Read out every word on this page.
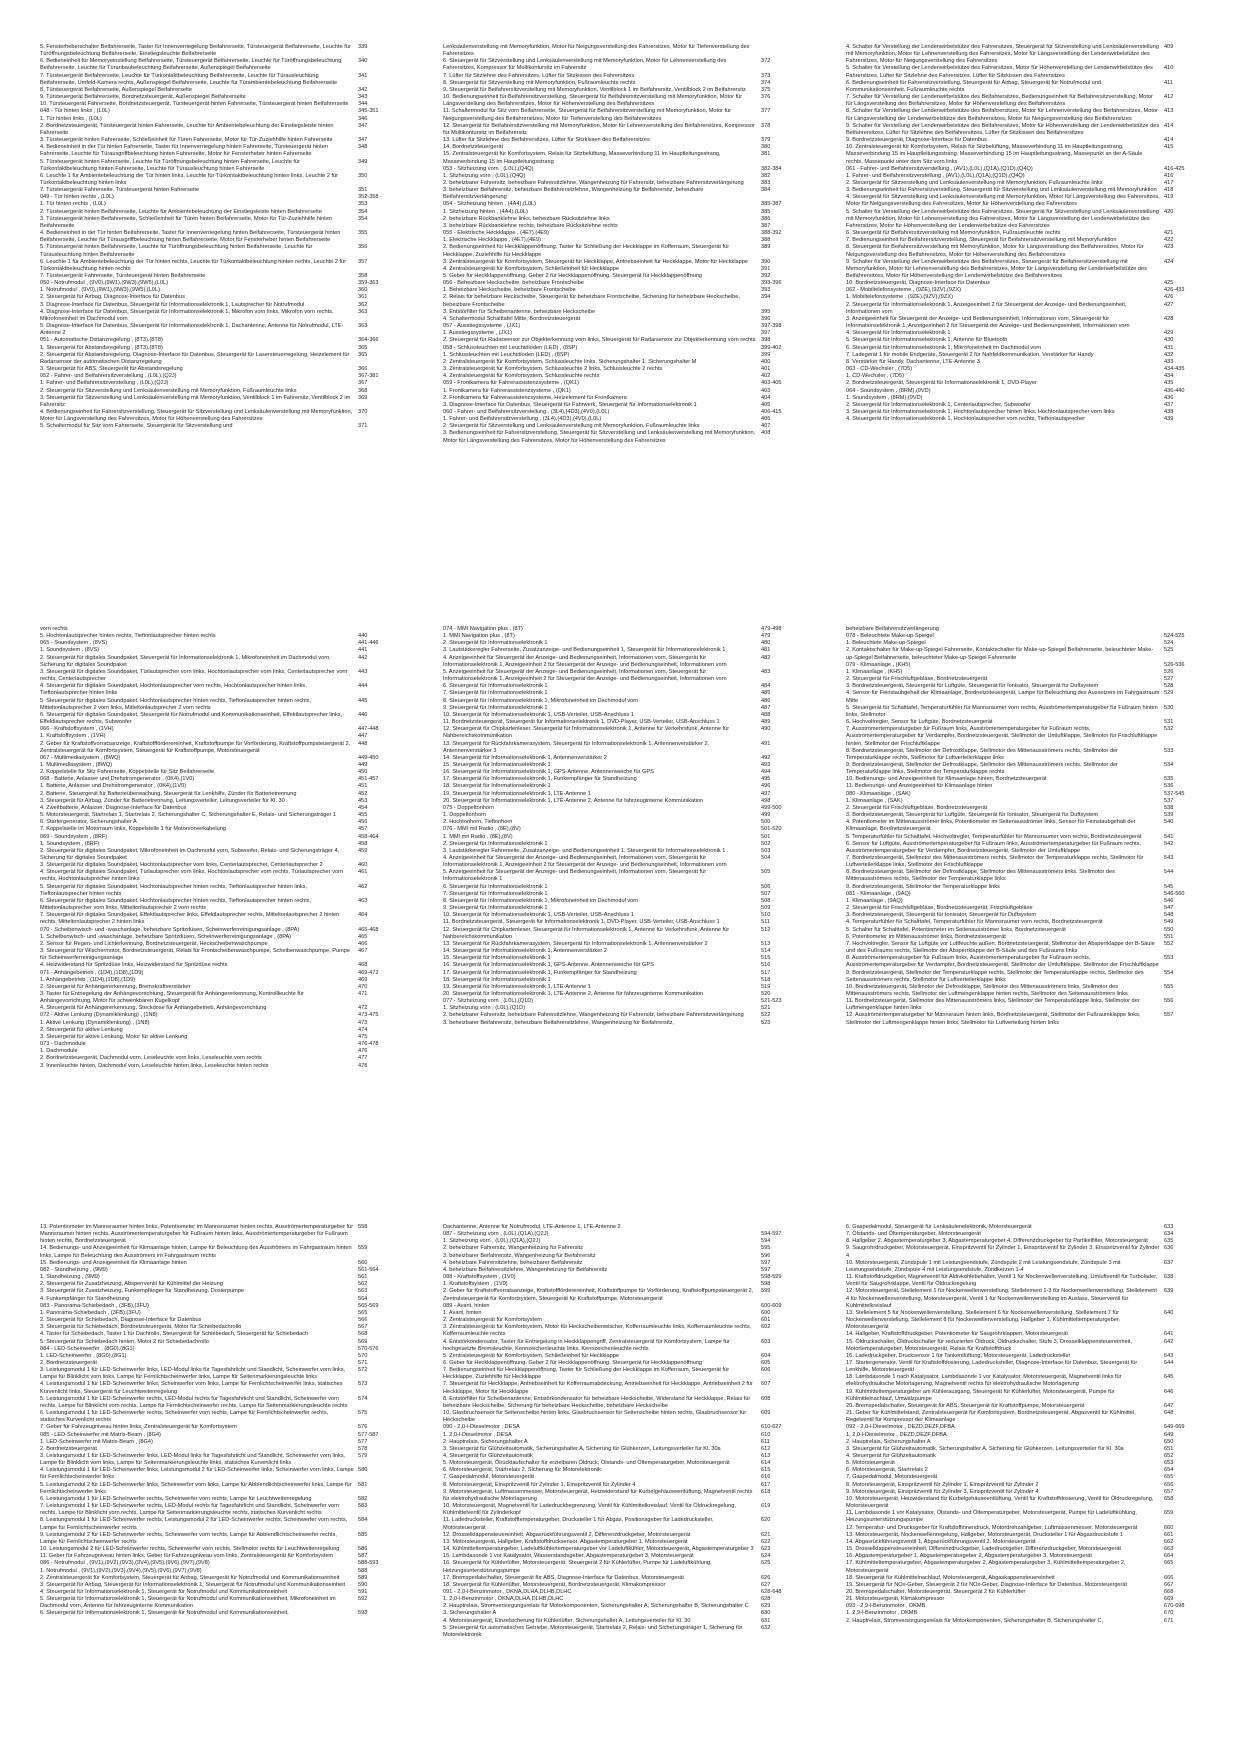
5. Fensterheberschalter Beifahrerseite, Taster für Innenverriegelung Beifahrerseite, Türsteuergerät Beifahrerseite, Leuchte für Türöffnungsbeleuchtung Beifahrerseite, Einstiegsleuchte Beifahrerseite
339
6. Bedieneinheit für Memoryeinstellung Beifahrerseite, Türsteuergerät Beifahrerseite, Leuchte für Türöffnungsbeleuchtung Beifahrerseite, Leuchte für Türanbaubeleuchtung Beifahrerseite, Außenspiegel Beifahrerseite
340
7. Türsteuergerät Beifahrerseite, Leuchte für Türkontaktbeleuchtung Beifahrerseite, Leuchte für Türausleuchtung Beifahrerseite, Umfeld-Kamera rechts, Außenspiegel Beifahrerseite, Leuchte für Türambientebeleuchtung Beifahrerseite
341
8. Türsteuergerät Beifahrerseite, Außenspiegel Beifahrerseite	342
9. Türsteuergerät Beifahrerseite, Bordnetzsteuergerät, Außenspiegel Beifahrerseite	343
10. Türsteuergerät Fahrerseite, Bordnetzsteuergerät, Türsteuergerät hinten Fahrerseite, Türsteuergerät hinten Beifahrerseite	344
048 - Tür hinten links , (L0L)	345-351
1. Tür hinten links , (L0L)	346
2. Bordnetzsteuergerät, Türsteuergerät hinten Fahrerseite, Leuchte für Ambientebeleuchtung der Einstiegsleiste hinten Fahrerseite
347
3. Türsteuergerät hinten Fahrerseite, Schließeinheit für Türen Fahrerseite, Motor für Tür-Zuziehhilfe hinten Fahrerseite	347
4. Bedieneinheit in der Tür hinten Fahrerseite, Taster für Innenverriegelung hinten Fahrerseite, Türsteuergerät hinten Fahrerseite, Leuchte für Türausgriffbeleuchtung hinten Fahrerseite, Motor für Fensterheber hinten Fahrerseite
348
5. Türsteuergerät hinten Fahrerseite, Leuchte für Türöffnungsbeleuchtung hinten Fahrerseite, Leuchte für Türkontaktbeleuchtung hinten Fahrerseite, Leuchte für Türausleuchtung hinten Fahrerseite
349
6. Leuchte 1 für Ambientebeleuchtung der Tür hinten links, Leuchte für Türkontaktbeleuchtung hinten links, Leuchte 2 für Türkontaktbeleuchtung hinten links
350
7. Türsteuergerät Fahrerseite, Türsteuergerät hinten Fahrerseite	351
049 - Tür hinten rechts , (L0L)	352-358
1. Tür hinten rechts , (L0L)	353
2. Türsteuergerät hinten Beifahrerseite, Leuchte für Ambientebeleuchtung der Einstiegsleiste hinten Beifahrerseite	354
3. Türsteuergerät hinten Beifahrerseite, Schließeinheit für Türen hinten Beifahrerseite, Motor für Tür-Zuziehhilfe hinten Beifahrerseite
354
4. Bedieneinheit in der Tür hinten Beifahrerseite, Taster für Innenverriegelung hinten Beifahrerseite, Türsteuergerät hinten Beifahrerseite, Leuchte für Türausgriffbeleuchtung hinten Beifahrerseite, Motor für Fensterheber hinten Beifahrerseite
355
5. Türsteuergerät hinten Beifahrerseite, Leuchte für Türöffnungsbeleuchtung hinten Beifahrerseite, Leuchte für Türausleuchtung hinten Beifahrerseite
356
6. Leuchte 1 für Ambientebeleuchtung der Tür hinten rechts, Leuchte für Türkontaktbeleuchtung hinten rechts, Leuchte 2 für Türkontaktbeleuchtung hinten rechts
357
7. Türsteuergerät Fahrerseite, Türsteuergerät hinten Beifahrerseite	358
050 - Notrufmodul , (9V0),(9W1),(9W3),(9W5),(L0L)	359-363
1. Notrufmodul , (9V0),(9W1),(9W3),(9W5),(L0L)	360
2. Steuergerät für Airbag, Diagnose-Interface für Datenbus	361
3. Diagnose-Interface für Datenbus, Steuergerät für Informationselektronik 1, Lautsprecher für Notrufmodul	362
4. Diagnose-Interface für Datenbus, Steuergerät für Informationselektronik 1, Mikrofon vorn links, Mikrofon vorn rechts, Mikrofoneinheit im Dachmodul vorn
363
5. Diagnose-Interface für Datenbus, Steuergerät für Informationselektronik 1, Dachantenne, Antenne für Notrufmodul, LTE-Antenne 2
363
051 - Automatische Distanzregelung , (8T3),(8T8)	364-366
1. Steuergerät für Abstandsregelung , (8T3),(8T8)	365
2. Steuergerät für Abstandsregelung, Diagnose-Interface für Datenbus, Steuergerät für Lasersteuerregelung, Heizelement für Radarsensor der automatischen Distanzregelung
365
3. Steuergerät für ABS, Steuergerät für Abstandsregelung	366
052 - Fahrer- und Beifahrersitzverstellung , (L0L),(Q2J)	367-381
1. Fahrer- und Beifahrersitzverstellung , (L0L),(Q2J)	367
2. Steuergerät für Sitzverstellung und Lenksäulenverstellung mit Memoryfunktion, Fußraumleuchte links	368
3. Steuergerät für Sitzverstellung und Lenksäulenverstellung mit Memoryfunktion, Ventilblock 1 im Fahrersitz, Ventilblock 2 im Fahrersitz
369
4. Bedienungseinheit für Fahrersitzverstellung, Steuergerät für Sitzverstellung und Lenksäulenverstellung mit Memoryfunktion, Motor für Längsverstellung des Fahrersitzes, Motor für Höhenverstellung des Fahrersitzes
370
5. Schaltermodul für Sitz vorn Fahrerseite, Steuergerät für Sitzverstellung und	371
Lenksäulenverstellung mit Memoryfunktion, Motor für Neigungsverstellung des Fahrersitzes, Motor für Tiefenverstellung des Fahrersitzes
6. Steuergerät für Sitzverstellung und Lenksäulenverstellung mit Memoryfunktion, Motor für Lehnenverstellung des Fahrersitzes, Kompressor für Multikontursitz im Fahrersitz
372
7. Lüfter für Sitzlehne des Fahrersitzes, Lüfter für Sitzkissen des Fahrersitzes	373
8. Steuergerät für Sitzverstellung mit Memoryfunktion, Fußraumleuchte rechts	374
9. Steuergerät für Beifahrersitzverstellung mit Memoryfunktion, Ventilblock 1 im Beifahrersitz, Ventilblock 2 im Beifahrersitz	375
10. Bedienungseinheit für Beifahrersitzverstellung, Steuergerät für Beifahrersitzverstellung mit Memoryfunktion, Motor für Längsverstellung des Beifahrersitzes, Motor für Höhenverstellung des Beifahrersitzes
376
11. Schaltermodul für Sitz vorn Beifahrerseite, Steuergerät für Beifahrersitzverstellung mit Memoryfunktion, Motor für Neigungsverstellung des Beifahrersitzes, Motor für Tiefenverstellung des Beifahrersitzes
377
12. Steuergerät für Beifahrersitzverstellung mit Memoryfunktion, Motor für Lehnenverstellung des Beifahrersitzes, Kompressor für Multikontursitz im Beifahrersitz
378
13. Lüfter für Sitzlehne des Beifahrersitzes, Lüfter für Sitzkissen des Beifahrersitzes	379
14. Bordnetzsteuergerät	380
15. Zentralsteuergerät für Komfortsystem, Relais für Sitzbelüftung, Masseverbindung 11 im Hauptleitungsstrang, Masseverbindung 15 im Hauptleitungsstrang
381
053 - Sitzheizung vorn , (L0L),(Q4Q)	382-384
1. Sitzheizung vorn , (L0L),(Q4Q)	382
2. beheizbarer Fahrersitz, beheizbare Fahrersitzlehne, Wangenheizung für Fahrersitz, beheizbare Fahrersitzverlängerung	383
3. beheizbarer Beifahrersitz, beheizbare Beifahrersitzlehne, Wangenheizung für Beifahrersitz, beheizbare Beifahrersitzverlängerung
384
054 - Sitzheizung hinten , (4A4),(L0L)	385-387
1. Sitzheizung hinten , (4A4),(L0L)	385
2. beheizbare Rückbanklehne links, beheizbare Rücksitzlehne links	386
3. beheizbare Rückbanklehne rechts, beheizbare Rücksitzlehne rechts	387
055 - Elektrische Heckklappe , (4E7),(4E9)	388-392
1. Elektrische Heckklappe , (4E7),(4E9)	388
2. Bedienungseinheit für Heckklappenöffnung, Taster für Schließung der Heckklappe im Kofferraum, Steuergerät für Heckklappe, Zuziehhilfe für Heckklappe
389
3. Zentralsteuergerät für Komfortsystem, Steuergerät für Heckklappe, Antriebseinheit für Heckklappe, Motor für Heckklappe	390
4. Zentralsteuergerät für Komfortsystem, Schließeinheit für Heckklappe	391
5. Geber für Heckklappenöffnung, Geber 2 für Heckklappenöffnung, Steuergerät für Heckklappenöffnung	392
056 - Beheizbare Heckscheibe, beheizbare Frontscheibe	393-396
1. Beheizbare Heckscheibe, beheizbare Frontscheibe	393
2. Relais für beheizbare Heckscheibe, Steuergerät für beheizbare Frontscheibe, Sicherung für beheizbare Heckscheibe, beheizbare Frontscheibe
394
3. Entstörfilter für Scheibenantenne, beheizbare Heckscheibe	395
4. Schaltermodul Schalttafel Mitte, Bordnetzsteuergerät	396
057 - Ausstiegssysteme , (JX1)	397-398
1. Ausstiegssysteme , (JX1)	397
2. Steuergerät für Radarsensor zur Objekterkennung vorn links, Steuergerät für Radarsensor zur Objekterkennung vorn rechts 398
058 - Schlussleuchten mit Leuchtdioden (LED) , (8SP)	399-402
1. Schlussleuchten mit Leuchtdioden (LED) , (8SP)	399
2. Zentralsteuergerät für Komfortsystem, Schlussleuchte links, Sicherungshalter 1, Sicherungshalter M	400
3. Zentralsteuergerät für Komfortsystem, Schlussleuchte 2 links, Schlussleuchte 2 rechts	401
4. Zentralsteuergerät für Komfortsystem, Schlussleuchte rechts	402
059 - Frontkamera für Fahrerassistenzsysteme , (QK1)	403-405
1. Frontkamera für Fahrerassistenzsysteme , (QK1)	403
2. Frontkamera für Fahrerassistenzsysteme, Heizelement für Frontkamera	404
3. Diagnose-Interface für Datenbus, Steuergerät für Fahrwerk, Steuergerät für Informationselektronik 1	405
060 - Fahrer- und Beifahrersitzverstellung , (3L4),(4D3),(4V0),(L0L)	406-415
1. Fahrer- und Beifahrersitzverstellung , (3L4),(4D3),(4V0),(L0L)	406
2. Steuergerät für Sitzverstellung und Lenksäulenverstellung mit Memoryfunktion, Fußraumleuchte links	407
3. Bedienungseinheit für Fahrersitzverstellung, Steuergerät für Sitzverstellung und Lenksäulenverstellung mit Memoryfunktion, Motor für Längsverstellung des Fahrersitzes, Motor für Höhenverstellung des Fahrersitzes
408
4. Schalter für Verstellung der Lendenwirbelstütze des Fahrersitzes, Steuergerät für Sitzverstellung und Lenksäulenverstellung mit Memoryfunktion, Motor für Lehnenverstellung des Fahrersitzes, Motor für Längsverstellung der Lendenwirbelstütze des Fahrersitzes, Motor für Neigungsverstellung des Fahrersitzes
409
5. Schalter für Verstellung der Lendenwirbelstütze des Fahrersitzes, Motor für Höhenverstellung der Lendenwirbelstütze des Fahrersitzes, Lüfter für Sitzlehne des Fahrersitzes, Lüfter für Sitzkissen des Fahrersitzes
410
6. Bedienungseinheit für Fahrersitzverstellung, Steuergerät für Airbag, Steuergerät für Notrufmodul und Kommunikationseinheit, Fußraumleuchte rechts
411
7. Schalter für Verstellung der Lendenwirbelstütze des Beifahrersitzes, Bedienungseinheit für Beifahrersitzverstellung, Motor für Längsverstellung des Beifahrersitzes, Motor für Höhenverstellung des Beifahrersitzes
412
8. Schalter für Verstellung der Lendenwirbelstütze des Beifahrersitzes, Motor für Lehnenverstellung des Beifahrersitzes, Motor für Längsverstellung der Lendenwirbelstütze des Beifahrersitzes, Motor für Neigungsverstellung des Beifahrersitzes
413
9. Schalter für Verstellung der Lendenwirbelstütze des Beifahrersitzes, Motor für Höhenverstellung der Lendenwirbelstütze des Beifahrersitzes, Lüfter für Sitzlehne des Beifahrersitzes, Lüfter für Sitzkissen des Beifahrersitzes
414
9. Bordnetzsteuergerät, Diagnose-Interface für Datenbus	414
10. Zentralsteuergerät für Komfortsystem, Relais für Sitzbelüftung, Masseverbindung 11 im Hauptleitungsstrang, Masseverbindung 15 im Hauptleitungsstrang, Masseverbindung 15 im Hauptleitungsstrang, Massepunkt an der A-Säule rechts, Massepunkt unter dem Sitz vorn links
415
061 - Fahrer- und Beifahrersitzverstellung , (AV1),(L0L),(Q1A),(Q1D),(Q4Q)	416-425
1. Fahrer- und Beifahrersitzverstellung , (AV1),(L0L),(Q1A),(Q1D),(Q4Q)	416
2. Steuergerät für Sitzverstellung und Lenksäulenverstellung mit Memoryfunktion, Fußraumleuchte links	417
3. Bedienungseinheit für Fahrersitzverstellung, Steuergerät für Sitzverstellung und Lenksäulenverstellung mit Memoryfunktion	418
4. Steuergerät für Sitzverstellung und Lenksäulenverstellung mit Memoryfunktion, Motor für Längsverstellung des Fahrersitzes, Motor für Neigungsverstellung des Fahrersitzes, Motor für Höhenverstellung des Fahrersitzes
419
5. Schalter für Verstellung der Lendenwirbelstütze des Fahrersitzes, Steuergerät für Sitzverstellung und Lenksäulenverstellung mit Memoryfunktion, Motor für Lehnenverstellung des Fahrersitzes, Motor für Längsverstellung der Lendenwirbelstütze des Fahrersitzes, Motor für Höhenverstellung der Lendenwirbelstütze des Fahrersitzes
420
6. Steuergerät für Beifahrersitzverstellung mit Memoryfunktion, Fußraumleuchte rechts	421
7. Bedienungseinheit für Beifahrersitzverstellung, Steuergerät für Beifahrersitzverstellung mit Memoryfunktion	422
8. Steuergerät für Beifahrersitzverstellung mit Memoryfunktion, Motor für Längsverstellung des Beifahrersitzes, Motor für Neigungsverstellung des Beifahrersitzes, Motor für Höhenverstellung des Beifahrersitzes
423
9. Schalter für Verstellung der Lendenwirbelstütze des Beifahrersitzes, Steuergerät für Beifahrersitzverstellung mit Memoryfunktion, Motor für Lehnenverstellung des Beifahrersitzes, Motor für Längsverstellung der Lendenwirbelstütze des Beifahrersitzes, Motor für Höhenverstellung der Lendenwirbelstütze des Beifahrersitzes
424
10. Bordnetzsteuergerät, Diagnose-Interface für Datenbus	425
062 - Mobiltelefonsysteme , (9ZE),(9ZV),(9ZX)	426-433
1. Mobiltelefonsysteme , (9ZE),(9ZV),(9ZX)	426
2. Steuergerät für Informationselektronik 1, Anzeigeeinheit 2 für Steuergerät der Anzeige- und Bedienungseinheit, Informationen vorn
427
3. Anzeigeeinheit für Steuergerät der Anzeige- und Bedienungseinheit, Informationen vorn, Steuergerät für Informationselektronik 1, Anzeigeeinheit 2 für Steuergerät der Anzeige- und Bedienungseinheit, Informationen vorn
428
4. Steuergerät für Informationselektronik 1	429
5. Steuergerät für Informationselektronik 1, Antenne für Bluetooth	430
6. Steuergerät für Informationselektronik 1, Mikrofoneinheit im Dachmodul vorn	431
7. Ladegerät 1 für mobile Endgeräte, Steuergerät 2 für Nahfeldkommunikation, Verstärker für Handy	432
8. Verstärker für Handy, Dachantenne, LTE-Antenne 3	433
063 - CD-Wechsler , (7D5)	434-435
1. CD-Wechsler , (7D5)	434
2. Bordnetzsteuergerät, Steuergerät für Informationselektronik 1, DVD-Player	435
064 - Soundsystem , (8RM),(9VD)	436-440
1. Soundsystem , (8RM),(9VD)	436
2. Steuergerät für Informationselektronik 1, Centerlautsprecher, Subwoofer	437
3. Steuergerät für Informationselektronik 1, Hochtonlautsprecher hinten links, Hochtonlautsprecher vorn links	438
4. Steuergerät für Informationselektronik 1, Hochtonlautsprecher vorn rechts, Tieftonlautsprecher	439
vorn rechts
5. Hochtonlautsprecher hinten rechts, Tieftonlautsprecher hinten rechts	440
065 - Soundsystem , (8VS)	441-446
1. Soundsystem , (8VS)	441
2. Steuergerät für digitales Soundpaket, Steuergerät für Informationselektronik 1, Mikrofoneinheit im Dachmodul vorn, Sicherung für digitales Soundpaket
442
3. Steuergerät für digitales Soundpaket, Türlautsprecher vorn links, Hochtonlautsprecher vorn links, Centerlautsprecher vorn rechts, Centerlautsprecher
443
4. Steuergerät für digitales Soundpaket, Hochtonlautsprecher vorn rechts, Hochtonlautsprecher hinten links, Tieftonlautsprecher hinten links
444
5. Steuergerät für digitales Soundpaket, Hochtonlautsprecher hinten rechts, Tieftonlautsprecher hinten rechts, Mitteltonlautsprecher 2 vorn links, Mitteltonlautsprecher 2 vorn rechts
445
6. Steuergerät für digitales Soundpaket, Steuergerät für Notrufmodul und Kommunikationseinheit, Effektlautsprecher links, Effektlautsprecher rechts, Subwoofer
446
066 - Kraftstoffsystem , (1VH)	447-448
1. Kraftstoffsystem , (1VH)	447
2. Geber für Kraftstoffvorratsanzeige, Kraftstoffförderereinheit, Kraftstoffpumpe für Vorförderung, Kraftstoffpumpsteuergerät 2, Zentralsteuergerät für Komfortsystem, Steuergerät für Kraftstoffpumpe, Motorsteuergerät
448
067 - Multimediasystem , (8WQ)	449-450
1. Multimediasystem , (8WQ)	449
2. Koppelstelle für Sitz Fahrerseite, Koppelstelle für Sitz Beifahrerseite	450
068 - Batterie, Anlasser und Drehstromgenerator , (0K4),(1V0)	451-457
1. Batterie, Anlasser und Drehstromgenerator , (0K4),(1V0)	451
2. Batterie, Steuergerät für Batterieüberwachung, Steuergerät für Lenkhilfe, Zünder für Batterietrennung	452
3. Steuergerät für Airbag, Zünder für Batterietrennung, Leitungsverteiler, Leitungsverteiler für Kl. 30	453
4. Zweitbatterie, Anlasser, Diagnose-Interface für Datenbus	454
5. Motorsteuergerät, Startrelais 1, Startrelais 2, Sicherungshalter C, Sicherungshalter E, Relais- und Sicherungsträger 1	455
6. Startergenerator, Sicherungshalter A	456
7. Koppelstelle im Motorraum links, Koppelstelle 1 für Motorvorverkabelung	457
069 - Soundsystem , (8RF)	458-464
1. Soundsystem , (8RF)	458
2. Steuergerät für digitales Soundpaket, Mikrofoneinheit im Dachmodul vorn, Subwoofer, Relais- und Sicherungsträger 4, Sicherung für digitales Soundpaket
459
3. Steuergerät für digitales Soundpaket, Hochtonlautsprecher vorn links, Centerlautsprecher, Centerlautsprecher 2	460
4. Steuergerät für digitales Soundpaket, Türlautsprecher vorn links, Hochtonlautsprecher vorn rechts, Türlautsprecher vorn rechts, Hochtonlautsprecher hinten links
461
5. Steuergerät für digitales Soundpaket, Hochtonlautsprecher hinten rechts, Tieftonlautsprecher hinten links, Tieftonlautsprecher hinten rechts
462
6. Steuergerät für digitales Soundpaket, Hochtonlautsprecher hinten rechts, Tieftonlautsprecher hinten rechts, Mitteltonlautsprecher vorn links, Mitteltonlautsprecher 2 vorn rechts
463
7. Steuergerät für digitales Soundpaket, Effektlautsprecher links, Effektlautsprecher rechts, Mitteltonlautsprecher 2 hinten rechts, Mitteltonlautsprecher 2 hinten links
464
070 - Scheibenwisch- und -waschanlage, beheizbare Spritzdüsen, Scheinwerferreinigungsanlage , (8PA)	465-468
1. Scheibenwisch- und -waschanlage, beheizbare Spritzdüsen, Scheinwerferreinigungsanlage , (8PA)	465
2. Sensor für Regen- und Lichterkennung, Bordnetzsteuergerät, Heckscheibenwaschpumpe	466
3. Steuergerät für Wischermotor, Bordnetzsteuergerät, Relais für Frontscheibenwaschpumpe, Scheibenwaschpumpe, Pumpe für Scheinwerferreinigungsanlage
467
4. Heizwiderstand für Spritzdüse links, Heizwiderstand für Spritzdüse rechts	468
071 - Anhängebetrieb , (1D4),(1D8),(1D9)	469-472
1. Anhängebetrieb , (1D4),(1D8),(1D9)	469
2. Steuergerät für Anhängererkennung, Bremskraftverstärker	470
3. Taster für Entriegelung der Anhängevorrichtung, Steuergerät für Anhängererkennung, Kontrollleuchte für Anhängevorrichtung, Motor für schwenkbaren Kugelkopf
471
4. Steuergerät für Anhängererkennung, Steckdose für Anhängebetrieb, Anhängevorrichtung	472
072 - Aktive Lenkung (Dynamiklenkung) , (1N8)	473-475
1. Aktive Lenkung (Dynamiklenkung) , (1N8)	473
2. Steuergerät für aktive Lenkung	474
3. Steuergerät für aktive Lenkung, Motor für aktive Lenkung	475
073 - Dachmodule	476-478
1. Dachmodule	476
2. Bordnetzsteuergerät, Dachmodul vorn, Leseleuchte vorn links, Leseleuchte vorn rechts	477
3. Innenleuchte hinten, Dachmodul vorn, Leseleuchte hinten links, Leseleuchte hinten rechts	478
074 - MMI Navigation plus , (8T)	479-498
1. MMI Navigation plus , (8T)	479
2. Steuergerät für Informationselektronik 1	480
3. Lautstärkeregler Fahrerseite, Zusatzanzeige- und Bedienungseinheit 1, Steuergerät für Informationselektronik 1	481
4. Anzeigeeinheit für Steuergerät der Anzeige- und Bedienungseinheit, Informationen vorn, Steuergerät für Informationselektronik 1, Anzeigeeinheit 2 für Steuergerät der Anzeige- und Bedienungseinheit, Informationen vorn
482
5. Anzeigeeinheit für Steuergerät der Anzeige- und Bedienungseinheit, Informationen vorn, Steuergerät für Informationselektronik 1, Anzeigeeinheit 2 für Steuergerät der Anzeige- und Bedienungseinheit, Informationen vorn
483
6. Steuergerät für Informationselektronik 1	484
7. Steuergerät für Informationselektronik 1	485
8. Steuergerät für Informationselektronik 1, Mikrofoneinheit im Dachmodul vorn	486
9. Steuergerät für Informationselektronik 1	487
10. Steuergerät für Informationselektronik 1, USB-Verteiler, USB-Anschluss 1	488
11. Bordnetzsteuergerät, Steuergerät für Informationselektronik 1, DVD-Player, USB-Verteiler, USB-Anschluss 1	489
12. Steuergerät für Chipkartenleser, Steuergerät für Informationselektronik 1, Antenne für Verkehrsfunk, Antenne für Nahbereichskommunikation
490
13. Steuergerät für Rückfahrkamerasystem, Steuergerät für Informationselektronik 1, Antennenverstärker 2, Antennenverstärker 3
491
14. Steuergerät für Informationselektronik 1, Antennenverstärker 2	492
15. Steuergerät für Informationselektronik 1	493
16. Steuergerät für Informationselektronik 1, GPS-Antenne, Antennenweiche für GPS	494
17. Steuergerät für Informationselektronik 1, Funkempfänger für Standheizung	495
18. Steuergerät für Informationselektronik 1	496
19. Steuergerät für Informationselektronik 1, LTE-Antenne 1	497
20. Steuergerät für Informationselektronik 1, LTE-Antenne 2, Antenne für fahrzeuginterne Kommunikation	498
075 - Doppeltonhorn	499-500
1. Doppeltonhorn	499
2. Hochtonhorn, Tieftonhorn	500
076 - MMI mit Radio , (8E),(8V)	501-520
1. MMI mit Radio , (8E),(8V)	501
2. Steuergerät für Informationselektronik 1	502
3. Lautstärkeregler Fahrerseite, Zusatzanzeige- und Bedienungseinheit 1, Steuergerät für Informationselektronik 1	503
4. Anzeigeeinheit für Steuergerät der Anzeige- und Bedienungseinheit, Informationen vorn, Steuergerät für Informationselektronik 1, Anzeigeeinheit 2 für Steuergerät der Anzeige- und Bedienungseinheit, Informationen vorn
504
5. Anzeigeeinheit für Steuergerät der Anzeige- und Bedienungseinheit, Informationen vorn, Steuergerät für Informationselektronik 1
505
6. Steuergerät für Informationselektronik 1	506
7. Steuergerät für Informationselektronik 1	507
8. Steuergerät für Informationselektronik 1, Mikrofoneinheit im Dachmodul vorn	508
9. Steuergerät für Informationselektronik 1	509
10. Steuergerät für Informationselektronik 1, USB-Verteiler, USB-Anschluss 1	510
11. Bordnetzsteuergerät, Steuergerät für Informationselektronik 1, DVD-Player, USB-Verteiler, USB-Anschluss 1	511
12. Steuergerät für Chipkartenleser, Steuergerät für Informationselektronik 1, Antenne für Verkehrsfunk, Antenne für Nahbereichskommunikation
512
13. Steuergerät für Rückfahrkamerasystem, Steuergerät für Informationselektronik 1, Antennenverstärker 2	513
14. Steuergerät für Informationselektronik 1, Antennenverstärker 2	514
15. Steuergerät für Informationselektronik 1	515
16. Steuergerät für Informationselektronik 1, GPS-Antenne, Antennenweiche für GPS	516
17. Steuergerät für Informationselektronik 1, Funkempfänger für Standheizung	517
18. Steuergerät für Informationselektronik 1	518
19. Steuergerät für Informationselektronik 1, LTE-Antenne 1	519
20. Steuergerät für Informationselektronik 1, LTE-Antenne 2, Antenne für fahrzeuginterne Kommunikation	520
077 - Sitzheizung vorn , (L0L),(Q1D)	521-523
1. Sitzheizung vorn , (L0L),(Q1D)	521
2. beheizbarer Fahrersitz, beheizbare Fahrersitzlehne, Wangenheizung für Fahrersitz, beheizbare Fahrersitzverlängerung	522
3. beheizbarer Beifahrersitz, beheizbare Beifahrersitzlehne, Wangenheizung für Beifahrersitz,	523
beheizbare Beifahrersitzverlängerung
078 - Beleuchtete Make-up-Spiegel	524-525
1. Beleuchtete Make-up-Spiegel	524
2. Kontaktschalter für Make-up-Spiegel Fahrerseite, Kontaktschalter für Make-up-Spiegel Beifahrerseite, beleuchteter Make-up-Spiegel Beifahrerseite, beleuchteter Make-up-Spiegel Fahrerseite
525
079 - Klimaanlage , (KH5)	526-536
1. Klimaanlage , (KH5)	526
2. Steuergerät für Frischluftgebläse, Bordnetzsteuergerät	527
3. Bordnetzsteuergerät, Steuergerät für Luftgüte, Steuergerät für Ionisator, Steuergerät für Duftsystem	528
4. Sensor für Feinstaubgehalt der Klimaanlage, Bordnetzsteuergerät, Lampe für Beleuchtung des Aussetzers im Fahrgastraum Mitte
529
5. Steuergerät für Schalttafel, Temperaturfühler für Mannsraumer vorn rechts, Ausströmertemperaturgeber für Fußraum hinten links, Stellmotor
530
6. Hochvoltregler, Sensor für Luftgüte, Bordnetzsteuergerät	531
7. Ausströmertemperaturgeber für Fußraum links, Ausströmertemperaturgeber für Fußraum rechts, Ausströmertemperaturgeber für Verdampfer, Bordnetzsteuergerät, Stellmotor der Umluftklappe, Stellmotor für Frischluftklappe hinten, Stellmotor der Frischluftklappe
532
8. Bordnetzsteuergerät, Stellmotor der Defrostklappe, Stellmotor des Mittenausströmers rechts, Stellmotor der Temperaturklappe rechts, Stellmotor für Luftverteilerklappe links
533
9. Bordnetzsteuergerät, Stellmotor der Defrostklappe, Stellmotor des Mittenausströmers rechts, Stellmotor der Temperaturklappe links, Stellmotor der Temperaturklappe rechts
534
10. Bedienungs- und Anzeigeeinheit für Klimaanlage hinten, Bordnetzsteuergerät	535
11. Bedienungs- und Anzeigeeinheit für Klimaanlage hinten	536
080 - Klimaanlage , (SAK)	537-545
1. Klimaanlage , (SAK)	537
2. Steuergerät für Frischluftgebläse, Bordnetzsteuergerät	538
3. Bordnetzsteuergerät, Steuergerät für Luftgüte, Steuergerät für Ionisator, Steuergerät für Duftsystem	539
4. Potentiometer im Mittenausströmer links, Potentiometer im Seitenausströmer links, Sensor für Feinstaubgehalt der Klimaanlage, Bordnetzsteuergerät
540
5. Temperaturfühler für Schalttafel, Hochvoltregler, Temperaturfühler für Mannsraumer vorn rechts, Bordnetzsteuergerät	541
6. Sensor für Luftgüte, Ausströmertemperaturgeber für Fußraum links, Ausströmertemperaturgeber für Fußraum rechts, Ausströmertemperaturgeber für Verdampfer, Bordnetzsteuergerät, Stellmotor der Umluftklappe
542
7. Bordnetzsteuergerät, Stellmotor des Mittenausströmers rechts, Stellmotor der Temperaturklappe rechts, Stellmotor für Luftverteilerklappe links, Stellmotor der Frischluftklappe
543
8. Bordnetzsteuergerät, Stellmotor der Defrostklappe, Stellmotor des Mittenausströmers links, Stellmotor des Mittenausströmers rechts, Stellmotor der Temperaturklappe links
544
9. Bordnetzsteuergerät, Stellmotor der Temperaturklappe links	545
081 - Klimaanlage , (9AQ)	546-560
1. Klimaanlage , (9AQ)	546
2. Steuergerät für Frischluftgebläse, Bordnetzsteuergerät, Frischluftgebläse	547
3. Bordnetzsteuergerät, Steuergerät für Ionisator, Steuergerät für Duftsystem	548
4. Temperaturfühler für Schalttafel, Temperaturfühler für Mannsraumer vorn rechts, Bordnetzsteuergerät	549
5. Schalter für Schalttafel, Potentiometer im Seitenausströmer links, Bordnetzsteuergerät	550
6. Potentiometer im Mittenausströmer links, Bordnetzsteuergerät	551
7. Hochvoltregler, Sensor für Luftgüte vor Luftfeuchte außen, Bordnetzsteuergerät, Stellmotor der Absperrklappe der B-Säule und des Fußraums rechts, Stellmotor der Absperrklappe der B-Säule und des Fußraums links
552
8. Ausströmertemperaturgeber für Fußraum links, Ausströmertemperaturgeber für Fußraum rechts, Ausströmertemperaturgeber für Verdampfer, Bordnetzsteuergerät, Stellmotor der Umluftklappe, Stellmotor der Frischluftklappe
553
9. Bordnetzsteuergerät, Stellmotor der Temperaturklappe rechts, Stellmotor der Temperaturklappe rechts, Stellmotor des Seitenausströmers rechts, Stellmotor für Luftverteilerklappe links
554
10. Bordnetzsteuergerät, Stellmotor der Defrostklappe, Stellmotor des Mittenausströmers links, Stellmotor des Mittenausströmers rechts, Stellmotor der Luftmengenklappe hinten rechts, Stellmotor des Seitenausströmers links
555
11. Bordnetzsteuergerät, Stellmotor des Mittenausströmers links, Stellmotor der Temperaturklappe links, Stellmotor der Luftmengenklappe hinten links
556
12. Ausströmertemperaturgeber für Mannsraum hinten links, Bordnetzsteuergerät, Stellmotor der Fußraumklappe links, Stellmotor der Luftmengenklappe hinten links, Stellmotor für Luftverteilung hinten links
557
13. Potentiometer im Mannsraumer hinten links, Potentiometer im Mannsraumer hinten rechts, Ausströmertemperaturgeber für Mannsraumer hinten rechts, Ausströmertemperaturgeber für Fußraum hinten links, Ausströmertemperaturgeber für Fußraum hinten rechts, Bordnetzsteuergerät
558
14. Bedienungs- und Anzeigeeinheit für Klimaanlage hinten, Lampe für Beleuchtung des Ausströmers im Fahrgastraum hinten links, Lampe für Beleuchtung des Ausströmers im Fahrgastraum rechts
559
15. Bedienungs- und Anzeigeeinheit für Klimaanlage hinten	560
082 - Standheizung , (9M9)	561-564
1. Standheizung , (9M9)	561
2. Steuergerät für Zusatzheizung, Absperrventil für Kühlmittel der Heizung	562
3. Steuergerät für Zusatzheizung, Funkempfänger für Standheizung, Dosierpumpe	563
4. Funkempfänger für Standheizung	564
083 - Panorama-Schiebedach , (3FB),(3FU)	565-569
1. Panorama-Schiebedach , (3FB),(3FU)	565
2. Steuergerät für Schiebedach, Diagnose-Interface für Datenbus	566
3. Steuergerät für Schiebedach, Bordnetzsteuergerät, Motor für Schiebedachrollo	567
4. Taster für Schiebedach, Taster 1 für Dachrollo, Steuergerät für Schiebedach, Steuergerät für Schiebedach	568
5. Steuergerät für Schiebedach hinten, Motor 2 für Schiebedachrollo	569
084 - LED-Scheinwerfer , (8G0),(8G1)	570-576
1. LED-Scheinwerfer , (8G0),(8G1)	570
2. Bordnetzsteuergerät	571
3. Leistungsmodul 1 für LED-Scheinwerfer links, LED-Modul links für Tagesfahrlicht und Standlicht, Scheinwerfer vorn links, Lampe für Blinklicht vorn links, Lampe für Fernlichtscheinwerfer links, Lampe für Seitenmarkierungsleuchte links
572
4. Leistungsmodul 1 für LED-Scheinwerfer links, Scheinwerfer vorn links, Lampe für Fernlichtscheinwerfer links, statisches Kurvenlicht links, Steuergerät für Leuchtweitenregelung
573
5. Leistungsmodul 1 für LED-Scheinwerfer rechts, LED-Modul rechts für Tagesfahrlicht und Standlicht, Scheinwerfer vorn rechts, Lampe für Blinklicht vorn rechts, Lampe für Fernlichtscheinwerfer rechts, Lampe für Seitenmarkierungsleuchte rechts
574
6. Leistungsmodul 1 für LED-Scheinwerfer rechts, Scheinwerfer vorn rechts, Lampe für Fernlichtscheinwerfer rechts, statisches Kurvenlicht rechts
575
7. Geber für Fahrzeugniveau hinten links, Zentralsteuergerät für Komfortsystem	576
085 - LED-Scheinwerfer mit Matrix-Beam , (8G4)	577-587
1. LED-Scheinwerfer mit Matrix-Beam , (8G4)	577
2. Bordnetzsteuergerät	578
3. Leistungsmodul 1 für LED-Scheinwerfer links, LED-Modul links für Tagesfahrlicht und Standlicht, Scheinwerfer vorn links, Lampe für Blinklicht vorn links, Lampe für Seitenmarkierungsleuchte links, statisches Kurvenlicht links
579
4. Leistungsmodul 1 für LED-Scheinwerfer links, Leistungsmodul 2 für LED-Scheinwerfer links, Scheinwerfer vorn links, Lampe für Fernlichtscheinwerfer links
580
5. Leistungsmodul 2 für LED-Scheinwerfer links, Scheinwerfer vorn links, Lampe für Abblendlichtscheinwerfer links, Lampe für Fernlichtscheinwerfer links
581
6. Leistungsmodul 1 für LED-Scheinwerfer rechts, Scheinwerfer vorn rechts, Lampe für Leuchtweitenregelung	582
7. Leistungsmodul 1 für LED-Scheinwerfer rechts, LED-Modul rechts für Tagesfahrlicht und Standlicht, Scheinwerfer vorn rechts, Lampe für Blinklicht vorn rechts, Lampe für Seitenmarkierungsleuchte rechts, statisches Kurvenlicht rechts
583
8. Leistungsmodul 1 für LED-Scheinwerfer rechts, Leistungsmodul 2 für LED-Scheinwerfer rechts, Scheinwerfer vorn rechts, Lampe für Fernlichtscheinwerfer rechts
584
9. Leistungsmodul 2 für LED-Scheinwerfer rechts, Scheinwerfer vorn rechts, Lampe für Abblendlichtscheinwerfer rechts, Lampe für Fernlichtscheinwerfer rechts
585
10. Leistungsmodul 2 für LED-Scheinwerfer rechts, Scheinwerfer vorn rechts, Stellmotor rechts für Leuchtweitenregelung	586
11. Geber für Fahrzeugniveau hinten links, Geber für Fahrzeugniveau vorn links, Zentralsteuergerät für Komfortsystem	587
086 - Notrufmodul , (9V1),(9V2),(9V3),(9V4),(9V5),(9V6),(9V7),(9V8)	588-593
1. Notrufmodul , (9V1),(9V2),(9V3),(9V4),(9V5),(9V6),(9V7),(9V8)	588
2. Zentralsteuergerät für Komfortsystem, Steuergerät für Airbag, Steuergerät für Notrufmodul und Kommunikationseinheit	589
3. Steuergerät für Airbag, Steuergerät für Informationselektronik 1, Steuergerät für Notrufmodul und Kommunikationseinheit	590
4. Steuergerät für Informationselektronik 1, Steuergerät für Notrufmodul und Kommunikationseinheit	591
5. Steuergerät für Informationselektronik 1, Steuergerät für Notrufmodul und Kommunikationseinheit, Mikrofoneinheit im Dachmodul vorn, Antenne für fahrzeuginterne Kommunikation
592
6. Steuergerät für Informationselektronik 1, Steuergerät für Notrufmodul und Kommunikationseinheit,	593
Dachantenne, Antenne für Notrufmodul, LTE-Antenne 1, LTE-Antenne 2
087 - Sitzheizung vorn , (L0L),(Q1A),(Q2J)	594-597
1. Sitzheizung vorn , (L0L),(Q1A),(Q2J)	594
2. beheizbarer Fahrersitz, Wangenheizung für Fahrersitz	595
3. beheizbarer Beifahrersitz, Wangenheizung für Beifahrersitz	596
4. beheizbare Fahrersitzlehne, beheizbarer Beifahrersitz	597
4. beheizbare Beifahrersitzlehne, Wangenheizung für Beifahrersitz	597
088 - Kraftstoffsystem , (1V0)	598-599
1. Kraftstoffsystem , (1V0)	598
2. Geber für Kraftstoffvorratsanzeige, Kraftstoffförderereinheit, Kraftstoffpumpe für Vorförderung, Kraftstoffpumpsteuergerät 2, Zentralsteuergerät für Komfortsystem, Steuergerät für Kraftstoffpumpe, Motorsteuergerät
599
089 - Avant, hinten	600-609
1. Avant, hinten	600
2. Zentralsteuergerät für Komfortsystem	601
3. Zentralsteuergerät für Komfortsystem, Motor für Heckscheibenwischer, Kofferraumleuchte links, Kofferraumleuchte rechts, Kofferraumleuchte rechts
602
4. Entstörkondensator, Taster für Entriegelung in Heckklappengriff, Zentralsteuergerät für Komfortsystem, Lampe für hochgesetzte Bremsleuchte, Kennzeichenleuchte links, Kennzeichenleuchte rechts
603
5. Zentralsteuergerät für Komfortsystem, Schließeinheit für Heckklappe	604
6. Geber für Heckklappenöffnung, Geber 2 für Heckklappenöffnung, Steuergerät für Heckklappenöffnung	605
7. Bedienungseinheit für Heckklappenöffnung, Taster für Schließung der Heckklappe im Kofferraum, Steuergerät für Heckklappe, Zuziehhilfe für Heckklappe
606
7. Steuergerät für Heckklappe, Antriebseinheit für Kofferraumabdeckung, Antriebseinheit für Heckklappe, Antriebseinheit 2 für Heckklappe, Motor für Heckklappe
607
8. Entstörfilter für Scheibenantenne, Entstörkondensator für beheizbare Heckscheibe, Widerstand für Heckklappe, Relais für beheizbare Heckscheibe, Sicherung für beheizbare Heckscheibe, beheizbare Heckscheibe
608
10. Glasbruchsensor für Seitenscheibe hinten links, Glasbruchsensor für Seitenscheibe hinten rechts, Glasbruchsensor für Heckscheibe
609
090 - 2,0-l-Dieselmotor , DESA	610-627
1. 2,0-l-Dieselmotor , DESA	610
2. Hauptrelais, Sicherungshalter A	611
3. Steuergerät für Glühzeitautomatik, Sicherungshalter A, Sicherung für Glühkerzen, Leitungsverteiler für Kl. 30a	612
4. Steuergerät für Glühzeitautomatik	613
5. Motorsteuergerät, Ölrücklaufschalter für erzielbaren Öldruck, Ölstands- und Öltemperaturgeber, Motorsteuergerät	614
6. Motorsteuergerät, Startrelais 2, Sicherung für Motorelektronik	615
7. Gaspedalmodul, Motorsteuergerät	616
8. Motorsteuergerät, Einspritzventil für Zylinder 1, Einspritzventil für Zylinder 4	617
9. Motorsteuergerät, Luftmassenmesser, Motorsteuergerät, Heizwiderstand für Kurbelgehäuseentlüftung, Magnetventil rechts für elektrohydraulische Motorlagerung
618
10. Motorsteuergerät, Magnetventil für Ladedruckbegrenzung, Ventil für Kühlmittelkreislauf, Ventil für Öldruckregelung, Kühlmittelventil für Zylinderkopf
619
11. Ladedrucksteller, Kraftstofftemperaturgeber, Drucksteller 1 für Abgas, Positionsgeber für Ladedrucksteller, Motorsteuergerät
620
12. Drosselklappensteuereinheit, Abgasrückführungsventil 2, Differenzdruckgeber, Motorsteuergerät	621
13. Motorsteuergerät, Hallgeber, Kraftstoffdrucksensor, Abgastemperaturgeber 1, Motorsteuergerät	622
14. Kühlmitteltemperaturgeber, Ladeluftkühlertemperaturgeber vor Ladeluftkühler, Motorsteuergerät, Abgastemperaturgeber 3	623
15. Lambdasonde 1 vor Katalysator, Wasserstandsgeber, Abgastemperaturgeber 3, Motorsteuergerät	624
16. Steuergerät für Kühlerlüfter, Motorsteuergerät, Steuergerät 2 für Kühlerlüfter, Pumpe für Ladeluftkühlung, Heizungsunterstützungspumpe
625
17. Bremspedalschalter, Steuergerät für ABS, Diagnose-Interface für Datenbus, Motorsteuergerät	626
18. Steuergerät für Kühlerlüfter, Motorsteuergerät, Bordnetzsteuergerät, Klimakompressor	627
091 - 2,0-l-Benzinmotor , DKNA,DLHA,DLHB,DLHC	628-648
1. 2,0-l-Benzinmotor , DKNA,DLHA,DLHB,DLHC	628
2. Hauptrelais, Stromversorgungsrelais für Motorkomponenten, Sicherungshalter A, Sicherungshalter B, Sicherungshalter C	629
3. Sicherungshalter A	630
4. Motorsteuergerät, Einzelsicherung für Kühlerlüfter, Sicherungshalter A, Leitungsverteiler für Kl. 30	631
5. Steuergerät für automatisches Getriebe, Motorsteuergerät, Startrelais 2, Relais- und Sicherungsträger 1, Sicherung für Motorelektronik
632
6. Gaspedalmodul, Steuergerät für Lenksäulenelektronik, Motorsteuergerät	633
7. Ölstands- und Öltemperaturgeber, Motorsteuergerät	634
8. Hallgeber 2, Abgastemperaturgeber 3, Abgastemperaturgeber 4, Differenzdruckgeber für Partikelfilter, Motorsteuergerät	635
9. Saugrohrdruckgeber, Motorsteuergerät, Einspritzventil für Zylinder 1, Einspritzventil für Zylinder 3, Einspritzventil für Zylinder 4
636
10. Motorsteuergerät, Zündspule 1 mit Leistungsendstufe, Zündspule 2 mit Leistungsendstufe, Zündspule 3 mit Leistungsendstufe, Zündspule 4 mit Leistungsendstufe, Zündkerzen 1-4
637
11. Kraftstoffdruckgeber, Magnetventil für Aktivkohlebehälter, Ventil 1 für Nockenwellenverstellung, Umluftventil für Turbolader, Ventil für Saugrohrklappe, Ventil für Öldruckregelung
638
12. Motorsteuergerät, Stellelement 1 für Nockenwellenverstellung, Stellelement 1-3 für Nockenwellenverstellung, Stellelement 4 für Nockenwellenverstellung, Motorsteuergerät, Ventil 1 für Nockenwellenverstellung im Auslass, Steuerventil für Kühlmittelkreislauf
639
13. Stellelement 5 für Nockenwellenverstellung, Stellelement 6 für Nockenwellenverstellung, Stellelement 7 für Nockenwellenverstellung, Stellelement 8 für Nockenwellenverstellung, Hallgeber 1, Kühlmitteltemperaturgeber, Motorsteuergerät
640
14. Hallgeber, Kraftstoffdruckgeber, Potentiometer für Saugrohrklappen, Motorsteuergerät	641
15. Öldruckschalter, Öldruckschalter für reduzierten Öldruck, Öldruckschalter, Stufe 3, Drosselklappensteuereinheit, Motortemperaturgeber, Motorsteuergerät, Relais für Kraftstoffdruck
642
16. Ladedruckgeber, Drucksensor 1 für Tankentlüftung, Motorsteuergerät, Ladedrucksteller	643
17. Startergenerator, Ventil für Kraftstoffdosierung, Ladedrucksteller, Diagnose-Interface für Datenbus, Steuergerät für Lenkhilfe, Motorsteuergerät
644
18. Lambdasonde 1 nach Katalysator, Lambdasonde 1 vor Katalysator, Motorsteuergerät, Magnetventil links für elektrohydraulische Motorlagerung, Magnetventil rechts für elektrohydraulische Motorlagerung
645
19. Kühlmitteltemperaturgeber am Kühlerausgang, Steuergerät für Kühlerlüfter, Motorsteuergerät, Pumpe für Kühlmittelnachlauf, Umwälzpumpe
646
20. Bremspedalschalter, Steuergerät für ABS, Steuergerät für Kraftstoffpumpe, Motorsteuergerät	647
21. Geber für Kühlmittelstand, Zentralsteuergerät für Komfortsystem, Bordnetzsteuergerät, Abgasventil für Kühlmittel, Regelventil für Kompressor der Klimaanlage
648
092 - 2,0-l-Dieselmotor , DEZD,DEZF,DFBA	649-669
1. 2,0-l-Dieselmotor , DEZD,DEZF,DFBA	649
2. Hauptrelais, Sicherungshalter A	650
3. Steuergerät für Glühzeitautomatik, Sicherungshalter A, Sicherung für Glühkerzen, Leitungsverteiler für Kl. 30a	651
4. Steuergerät für Glühzeitautomatik	652
5. Motorsteuergerät	653
6. Motorsteuergerät, Startrelais 2	654
7. Gaspedalmodul, Motorsteuergerät	655
8. Motorsteuergerät, Einspritzventil für Zylinder 1, Einspritzventil für Zylinder 2	656
9. Motorsteuergerät, Einspritzventil für Zylinder 3, Einspritzventil für Zylinder 4	657
10. Motorsteuergerät, Heizwiderstand für Kurbelgehäuseentlüftung, Ventil für Kraftstoffdosierung, Ventil für Öldruckregelung, Motorsteuergerät
658
11. Lambdasonde 1 vor Katalysator, Ölstands- und Öltemperaturgeber, Motorsteuergerät, Pumpe für Ladeluftkühlung, Heizungsunterstützungspumpe
659
12. Temperatur- und Drucksgeber für Kraftstoffinnendruck, Motordrehzahlgeber, Luftmassenmesser, Motorsteuergerät	660
13. Motorsteuergerät, Nockenwellenregelung, Hallgeber, Motorsteuergerät, Drucksteller 1 für Abgasdruckstufe 1	661
14. Abgasrückführungsventil 1, Abgasrückführungsventil 2, Motorsteuergerät	662
15. Drosselklappensteuereinheit, Differenzdruckgeber, Ladedruckgeber, Differenzdruckgeber, Motorsteuergerät	663
16. Abgastemperaturgeber 1, Abgastemperaturgeber 2, Abgastemperaturgeber 3, Motorsteuergerät	664
17. Kühlmitteltemperaturgeber, Abgastemperaturgeber 2, Abgastemperaturgeber 3, Kühlmitteltemperaturgeber 2, Motorsteuergerät
665
18. Steuergerät für Kühlmittelnachlauf, Motorsteuergerät, Abgaskappensteuereinheit	666
19. Steuergerät für NOx-Geber, Steuergerät 2 für NOx-Geber, Diagnose-Interface für Datenbus, Motorsteuergerät	667
20. Bremspedalschalter, Motorsteuergerät, Steuergerät 2 für Kühlerlüfter	668
21. Motorsteuergerät, Klimakompressor	669
093 - 2,9-l-Benzinmotor , DKMB	670-698
1. 2,9-l-Benzinmotor , DKMB	670
2. Hauptrelais, Stromversorgungsrelais für Motorkomponenten, Sicherungshalter B, Sicherungshalter C,	671
